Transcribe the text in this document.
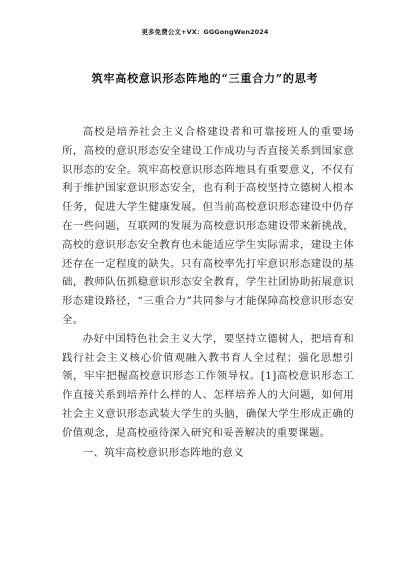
更多免费公文+VX：GGGongWen2024
筑牢高校意识形态阵地的“三重合力”的思考

高校是培养社会主义合格建设者和可靠接班人的重要场所，高校的意识形态安全建设工作成功与否直接关系到国家意识形态的安全。筑牢高校意识形态阵地具有重要意义，不仅有利于维护国家意识形态安全，也有利于高校坚持立德树人根本任务，促进大学生健康发展。但当前高校意识形态建设中仍存在一些问题，互联网的发展为高校意识形态建设带来新挑战，高校的意识形态安全教育也未能适应学生实际需求，建设主体还存在一定程度的缺失。只有高校率先打牢意识形态建设的基础，教师队伍抓稳意识形态安全教育，学生社团协助拓展意识形态建设路径，“三重合力”共同参与才能保障高校意识形态安全。

办好中国特色社会主义大学，要坚持立德树人，把培育和践行社会主义核心价值观融入教书育人全过程；强化思想引领，牢牢把握高校意识形态工作领导权。[1]高校意识形态工作直接关系到培养什么样的人、怎样培养人的大问题，如何用社会主义意识形态武装大学生的头脑，确保大学生形成正确的价值观念，是高校亟待深入研究和妥善解决的重要课题。

一、筑牢高校意识形态阵地的意义
